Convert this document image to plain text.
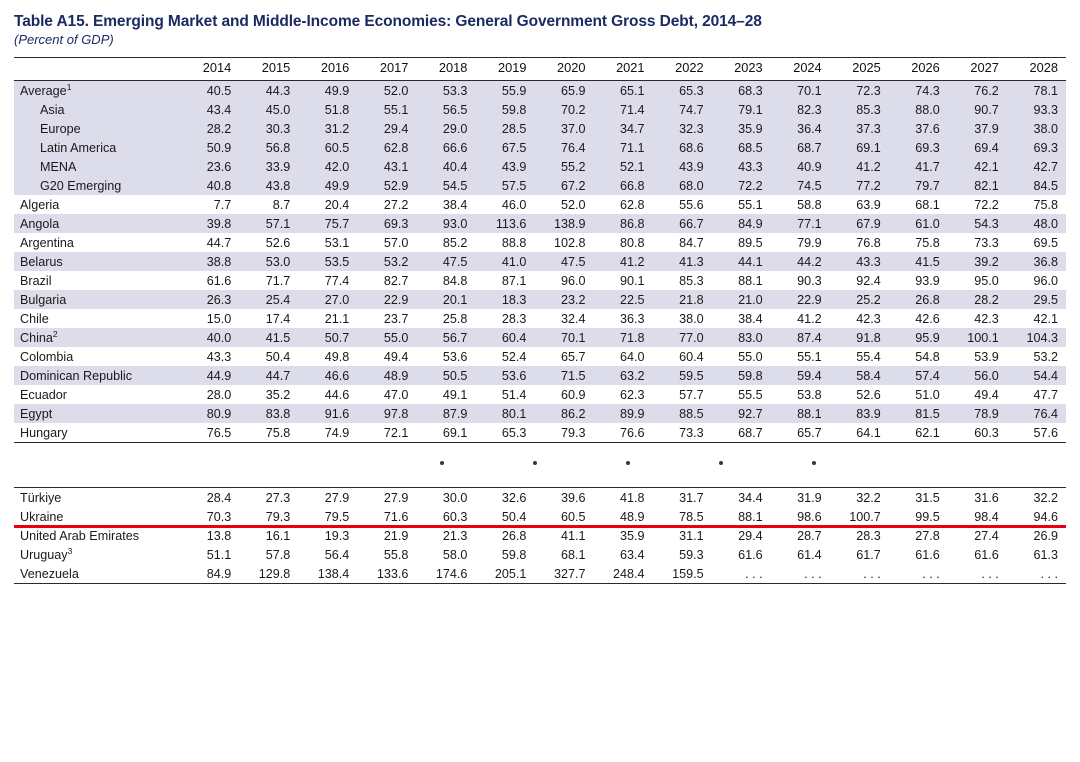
Table A15. Emerging Market and Middle-Income Economies: General Government Gross Debt, 2014–28
(Percent of GDP)
	2014	2015	2016	2017	2018	2019	2020	2021	2022	2023	2024	2025	2026	2027	2028
Average$^1$	40.5	44.3	49.9	52.0	53.3	55.9	65.9	65.1	65.3	68.3	70.1	72.3	74.3	76.2	78.1
Asia	43.4	45.0	51.8	55.1	56.5	59.8	70.2	71.4	74.7	79.1	82.3	85.3	88.0	90.7	93.3
Europe	28.2	30.3	31.2	29.4	29.0	28.5	37.0	34.7	32.3	35.9	36.4	37.3	37.6	37.9	38.0
Latin America	50.9	56.8	60.5	62.8	66.6	67.5	76.4	71.1	68.6	68.5	68.7	69.1	69.3	69.4	69.3
MENA	23.6	33.9	42.0	43.1	40.4	43.9	55.2	52.1	43.9	43.3	40.9	41.2	41.7	42.1	42.7
G20 Emerging	40.8	43.8	49.9	52.9	54.5	57.5	67.2	66.8	68.0	72.2	74.5	77.2	79.7	82.1	84.5
Algeria	7.7	8.7	20.4	27.2	38.4	46.0	52.0	62.8	55.6	55.1	58.8	63.9	68.1	72.2	75.8
Angola	39.8	57.1	75.7	69.3	93.0	113.6	138.9	86.8	66.7	84.9	77.1	67.9	61.0	54.3	48.0
Argentina	44.7	52.6	53.1	57.0	85.2	88.8	102.8	80.8	84.7	89.5	79.9	76.8	75.8	73.3	69.5
Belarus	38.8	53.0	53.5	53.2	47.5	41.0	47.5	41.2	41.3	44.1	44.2	43.3	41.5	39.2	36.8
Brazil	61.6	71.7	77.4	82.7	84.8	87.1	96.0	90.1	85.3	88.1	90.3	92.4	93.9	95.0	96.0
Bulgaria	26.3	25.4	27.0	22.9	20.1	18.3	23.2	22.5	21.8	21.0	22.9	25.2	26.8	28.2	29.5
Chile	15.0	17.4	21.1	23.7	25.8	28.3	32.4	36.3	38.0	38.4	41.2	42.3	42.6	42.3	42.1
China$^2$	40.0	41.5	50.7	55.0	56.7	60.4	70.1	71.8	77.0	83.0	87.4	91.8	95.9	100.1	104.3
Colombia	43.3	50.4	49.8	49.4	53.6	52.4	65.7	64.0	60.4	55.0	55.1	55.4	54.8	53.9	53.2
Dominican Republic	44.9	44.7	46.6	48.9	50.5	53.6	71.5	63.2	59.5	59.8	59.4	58.4	57.4	56.0	54.4
Ecuador	28.0	35.2	44.6	47.0	49.1	51.4	60.9	62.3	57.7	55.5	53.8	52.6	51.0	49.4	47.7
Egypt	80.9	83.8	91.6	97.8	87.9	80.1	86.2	89.9	88.5	92.7	88.1	83.9	81.5	78.9	76.4
Hungary	76.5	75.8	74.9	72.1	69.1	65.3	79.3	76.6	73.3	68.7	65.7	64.1	62.1	60.3	57.6
Türkiye	28.4	27.3	27.9	27.9	30.0	32.6	39.6	41.8	31.7	34.4	31.9	32.2	31.5	31.6	32.2
Ukraine	70.3	79.3	79.5	71.6	60.3	50.4	60.5	48.9	78.5	88.1	98.6	100.7	99.5	98.4	94.6
United Arab Emirates	13.8	16.1	19.3	21.9	21.3	26.8	41.1	35.9	31.1	29.4	28.7	28.3	27.8	27.4	26.9
Uruguay$^3$	51.1	57.8	56.4	55.8	58.0	59.8	68.1	63.4	59.3	61.6	61.4	61.7	61.6	61.6	61.3
Venezuela	84.9	129.8	138.4	133.6	174.6	205.1	327.7	248.4	159.5	. . .	. . .	. . .	. . .	. . .	. . .
